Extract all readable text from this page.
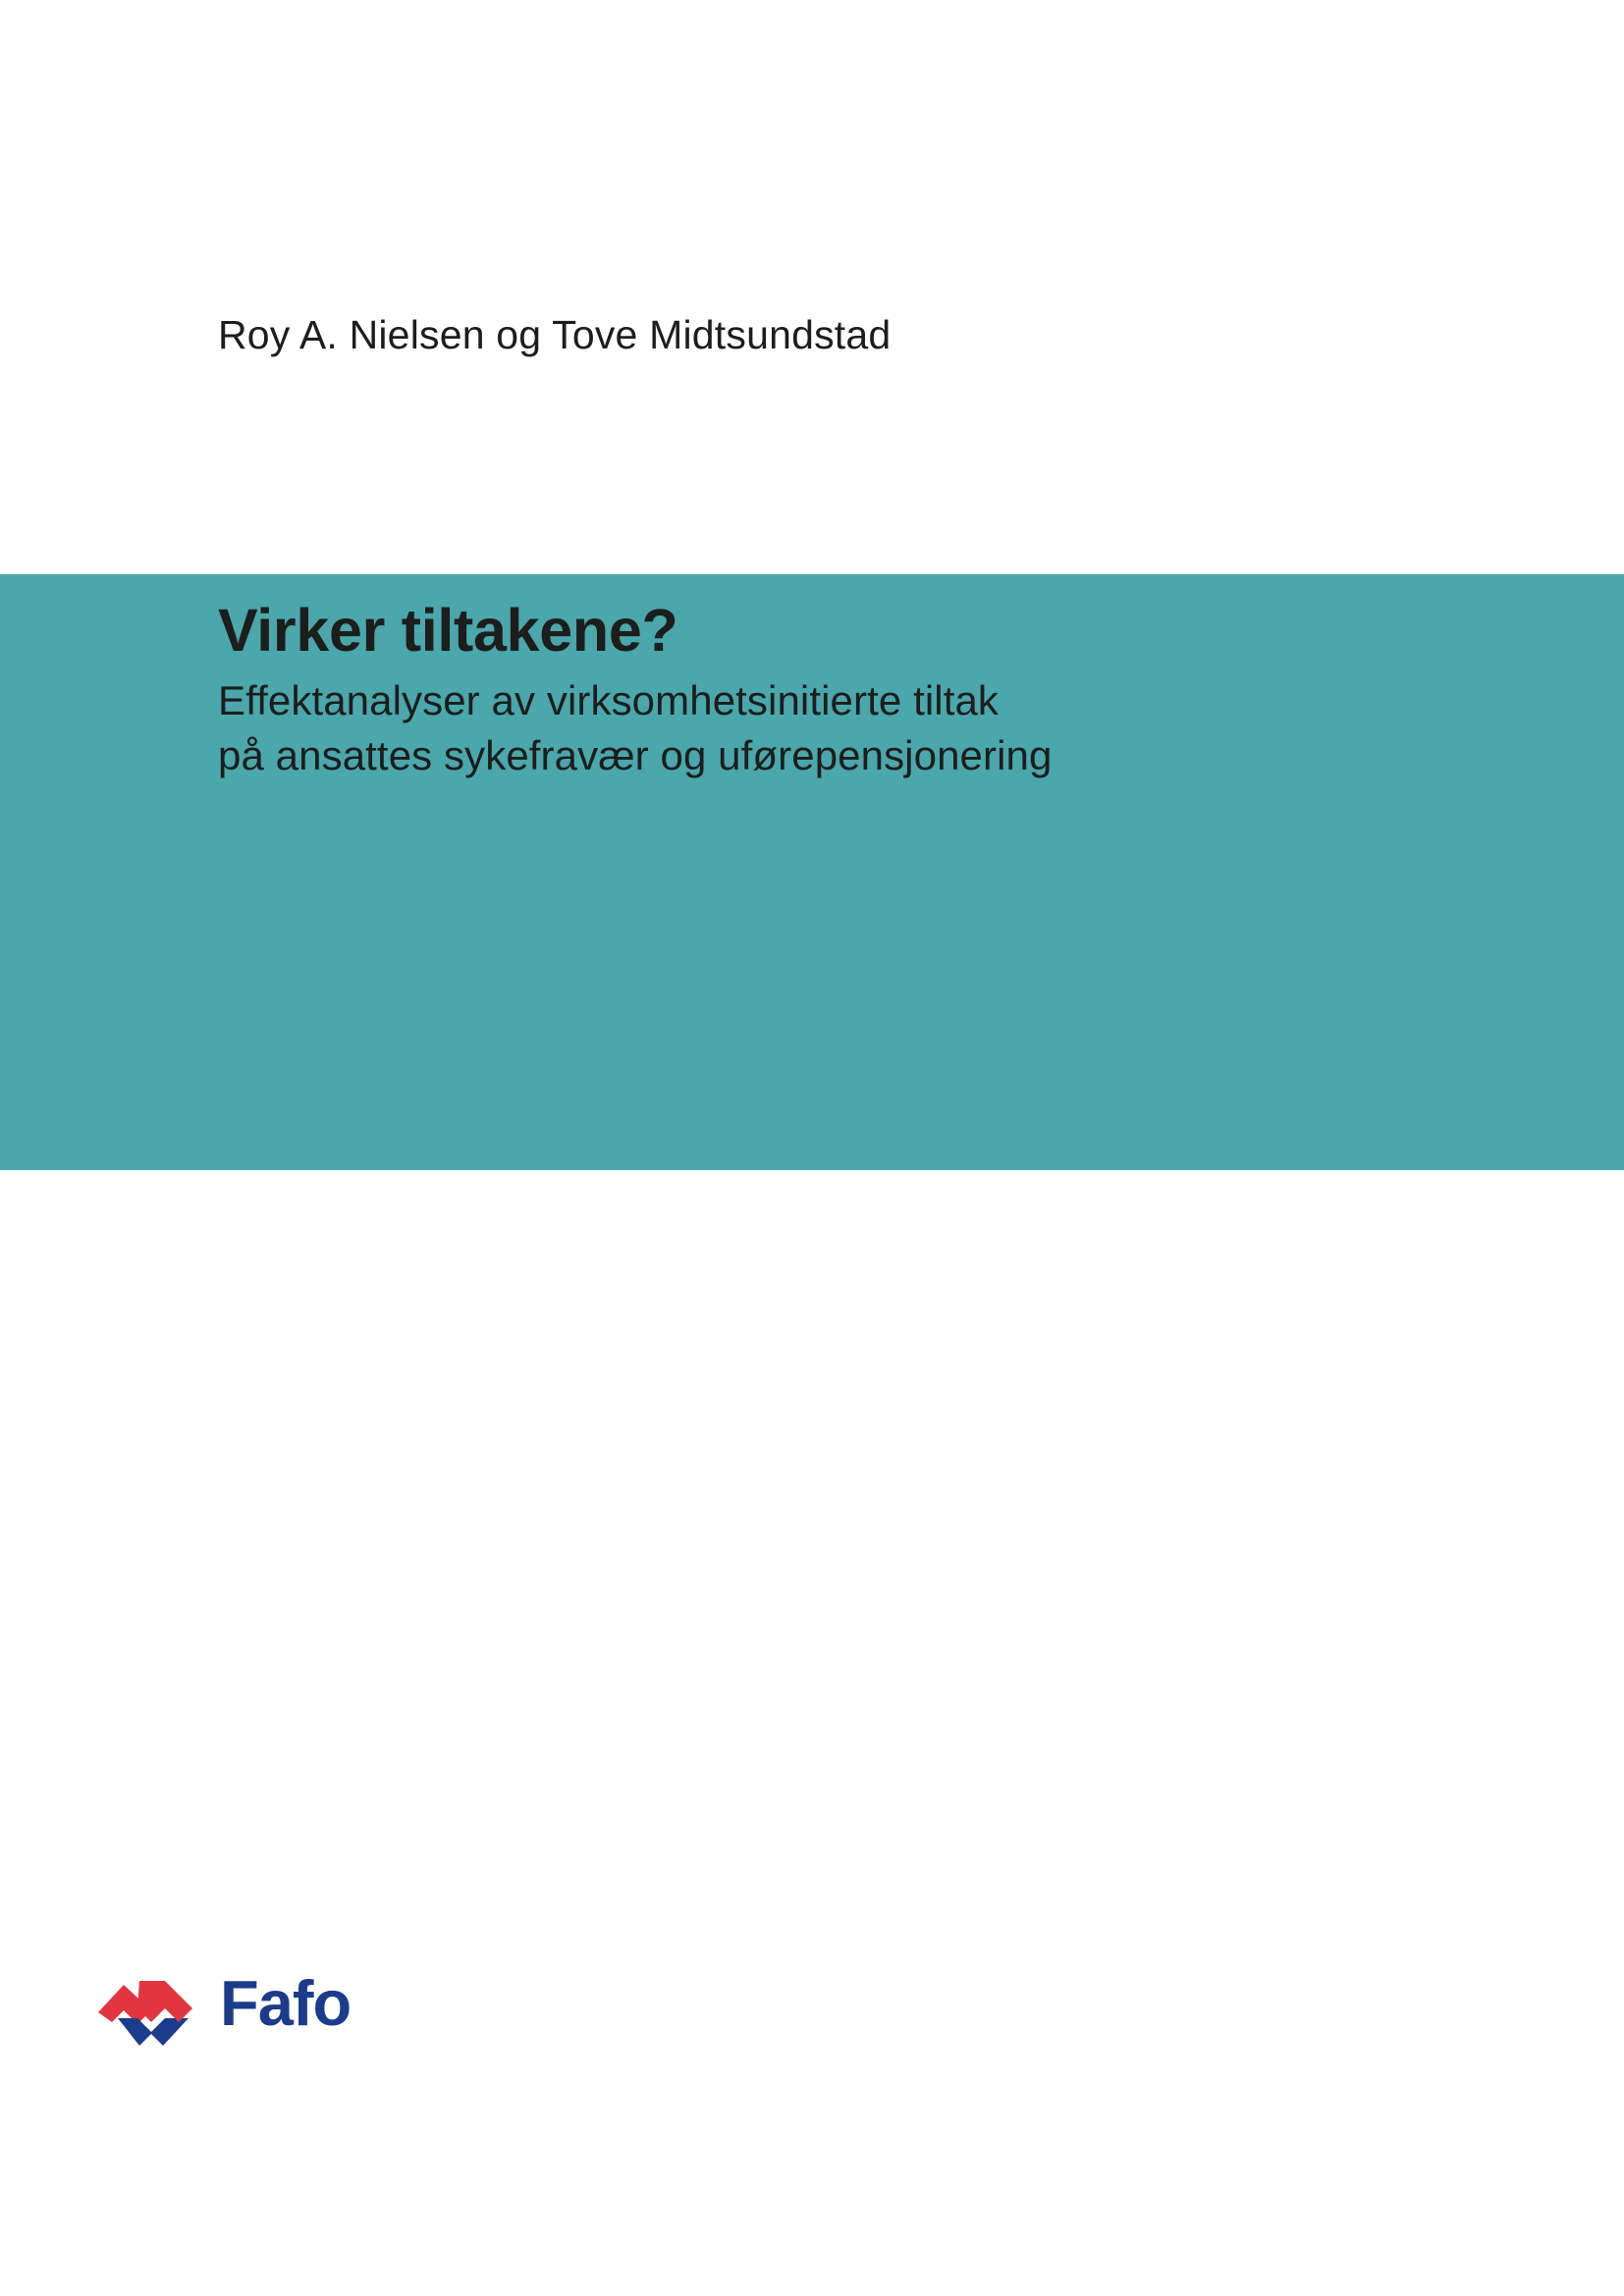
Roy A. Nielsen og Tove Midtsundstad
Virker tiltakene?

Effektanalyser av virksomhetsinitierte tiltak
på ansattes sykefravær og uførepensjonering

Fafo
